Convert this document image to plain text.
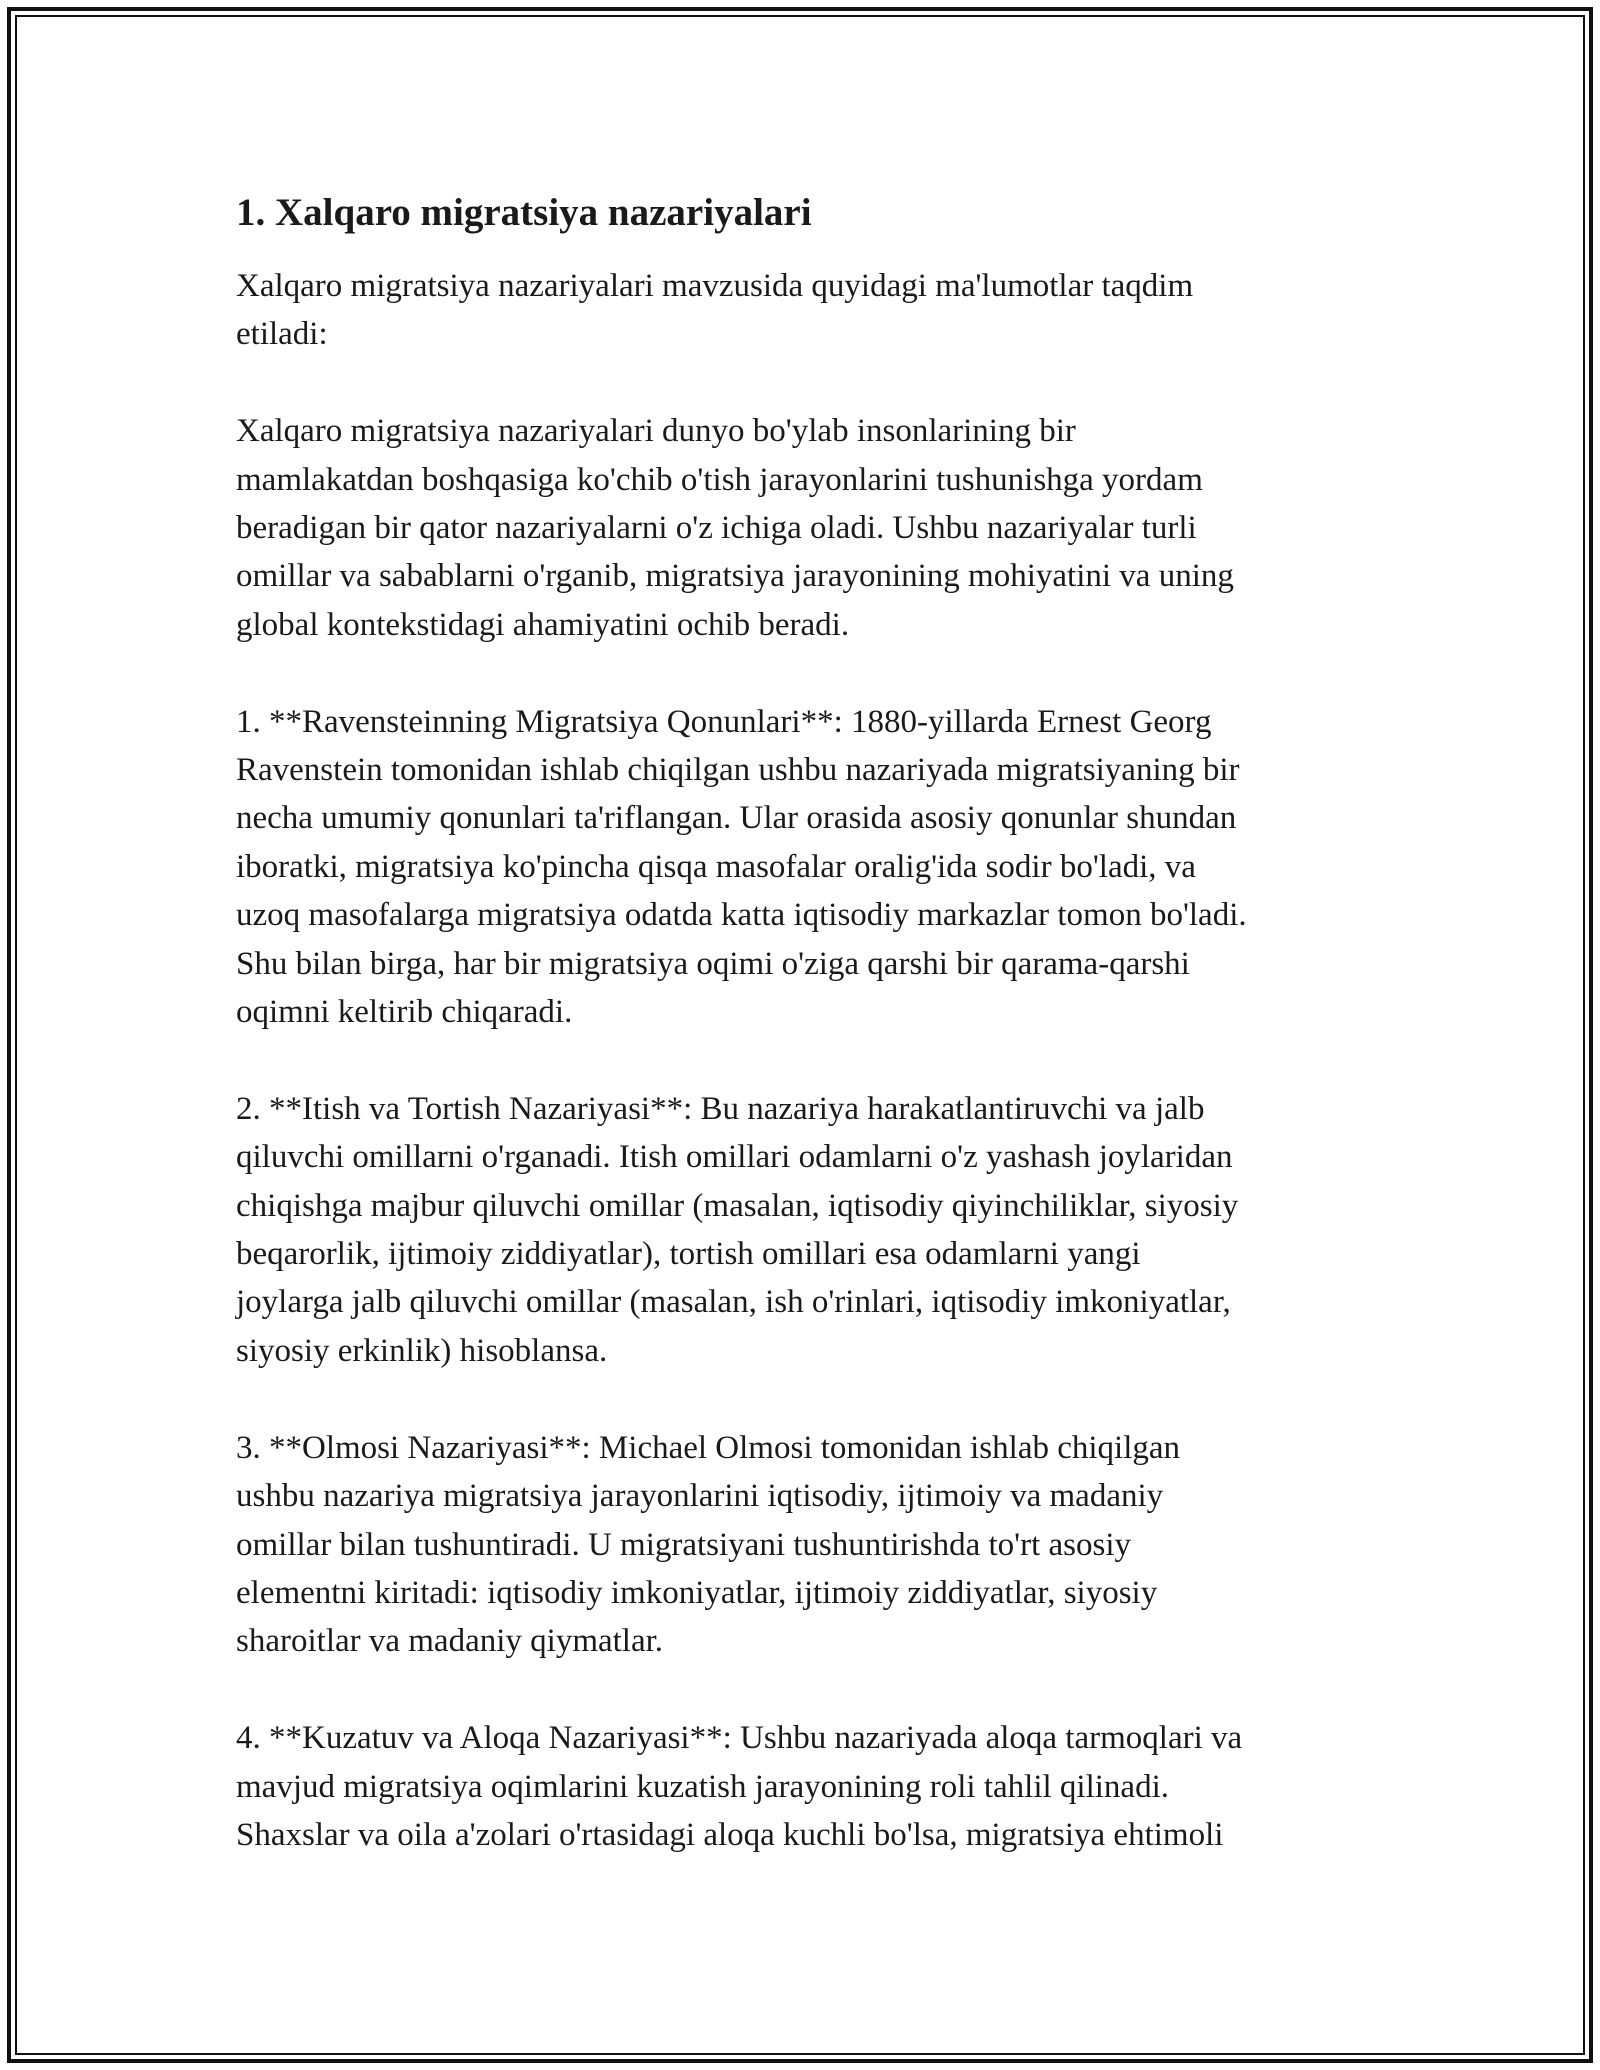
1. Xalqaro migratsiya nazariyalari

Xalqaro migratsiya nazariyalari mavzusida quyidagi ma'lumotlar taqdim

etiladi:

Xalqaro migratsiya nazariyalari dunyo bo'ylab insonlarining bir

mamlakatdan boshqasiga ko'chib o'tish jarayonlarini tushunishga yordam

beradigan bir qator nazariyalarni o'z ichiga oladi. Ushbu nazariyalar turli

omillar va sabablarni o'rganib, migratsiya jarayonining mohiyatini va uning

global kontekstidagi ahamiyatini ochib beradi.

1. **Ravensteinning Migratsiya Qonunlari**: 1880-yillarda Ernest Georg

Ravenstein tomonidan ishlab chiqilgan ushbu nazariyada migratsiyaning bir

necha umumiy qonunlari ta'riflangan. Ular orasida asosiy qonunlar shundan

iboratki, migratsiya ko'pincha qisqa masofalar oralig'ida sodir bo'ladi, va

uzoq masofalarga migratsiya odatda katta iqtisodiy markazlar tomon bo'ladi.

Shu bilan birga, har bir migratsiya oqimi o'ziga qarshi bir qarama-qarshi

oqimni keltirib chiqaradi.

2. **Itish va Tortish Nazariyasi**: Bu nazariya harakatlantiruvchi va jalb

qiluvchi omillarni o'rganadi. Itish omillari odamlarni o'z yashash joylaridan

chiqishga majbur qiluvchi omillar (masalan, iqtisodiy qiyinchiliklar, siyosiy

beqarorlik, ijtimoiy ziddiyatlar), tortish omillari esa odamlarni yangi

joylarga jalb qiluvchi omillar (masalan, ish o'rinlari, iqtisodiy imkoniyatlar,

siyosiy erkinlik) hisoblansa.

3. **Olmosi Nazariyasi**: Michael Olmosi tomonidan ishlab chiqilgan

ushbu nazariya migratsiya jarayonlarini iqtisodiy, ijtimoiy va madaniy

omillar bilan tushuntiradi. U migratsiyani tushuntirishda to'rt asosiy

elementni kiritadi: iqtisodiy imkoniyatlar, ijtimoiy ziddiyatlar, siyosiy

sharoitlar va madaniy qiymatlar.

4. **Kuzatuv va Aloqa Nazariyasi**: Ushbu nazariyada aloqa tarmoqlari va

mavjud migratsiya oqimlarini kuzatish jarayonining roli tahlil qilinadi.

Shaxslar va oila a'zolari o'rtasidagi aloqa kuchli bo'lsa, migratsiya ehtimoli
